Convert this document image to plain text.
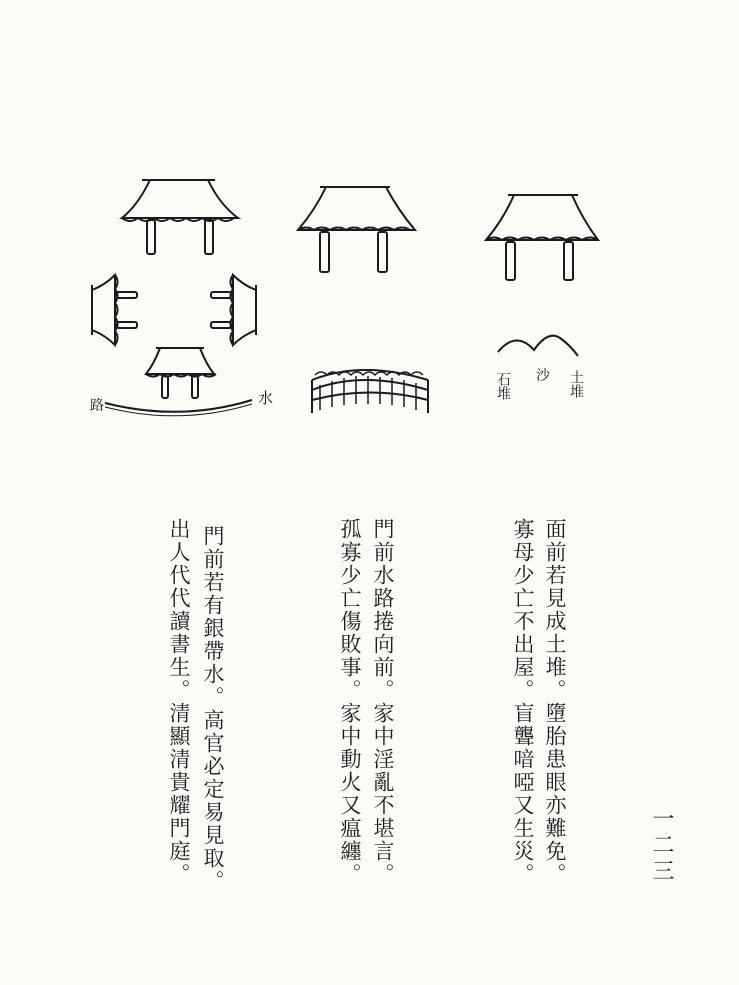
路	水	石堆 沙 土堆
面前若見成土堆。墮胎患眼亦難免。
寡母少亡不出屋。盲聾喑啞又生災。
門前水路捲向前。家中淫亂不堪言。
孤寡少亡傷敗事。家中動火又瘟纏。
門前若有銀帶水。高官必定易見取。
出人代代讀書生。清顯清貴耀門庭。	一二三
